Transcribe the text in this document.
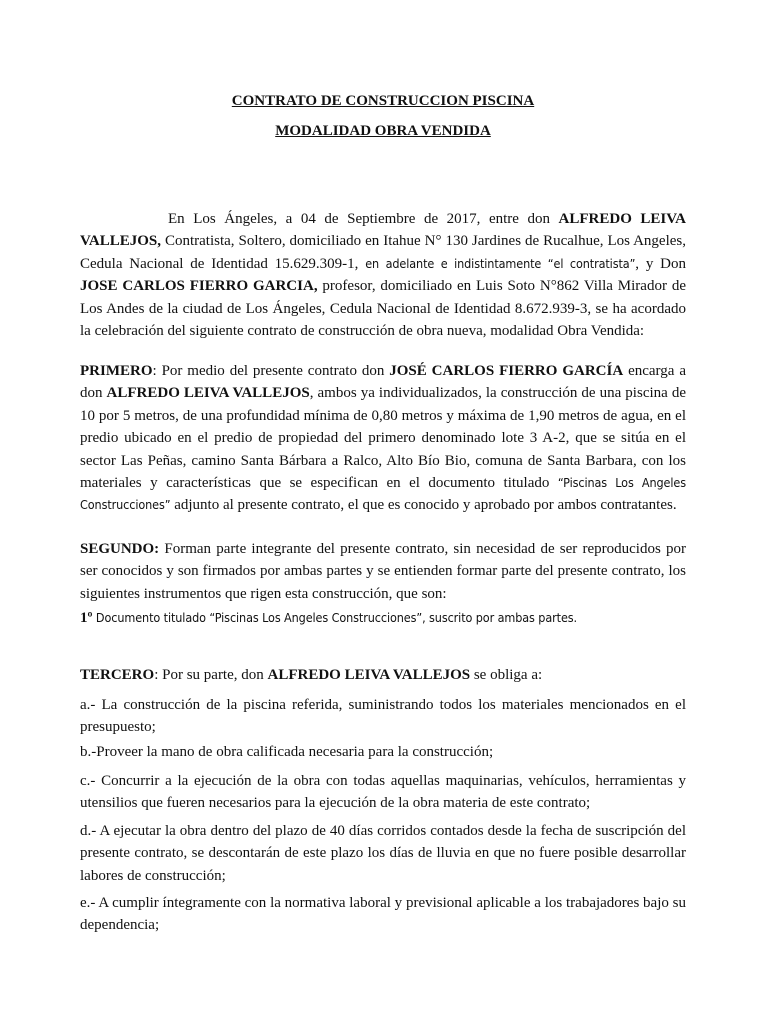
CONTRATO DE CONSTRUCCION PISCINA

MODALIDAD OBRA VENDIDA

En Los Ángeles, a 04 de Septiembre de 2017, entre don ALFREDO LEIVA VALLEJOS, Contratista, Soltero, domiciliado en Itahue N° 130 Jardines de Rucalhue, Los Angeles, Cedula Nacional de Identidad 15.629.309-1, en adelante e indistintamente “el contratista”, y Don JOSE CARLOS FIERRO GARCIA, profesor, domiciliado en Luis Soto N°862 Villa Mirador de Los Andes de la ciudad de Los Ángeles, Cedula Nacional de Identidad 8.672.939-3, se ha acordado la celebración del siguiente contrato de construcción de obra nueva, modalidad Obra Vendida:

PRIMERO: Por medio del presente contrato don JOSÉ CARLOS FIERRO GARCÍA encarga a don ALFREDO LEIVA VALLEJOS, ambos ya individualizados, la construcción de una piscina de 10 por 5 metros, de una profundidad mínima de 0,80 metros y máxima de 1,90 metros de agua, en el predio ubicado en el predio de propiedad del primero denominado lote 3 A-2, que se sitúa en el sector Las Peñas, camino Santa Bárbara a Ralco, Alto Bío Bio, comuna de Santa Barbara, con los materiales y características que se especifican en el documento titulado “Piscinas Los Angeles Construcciones” adjunto al presente contrato, el que es conocido y aprobado por ambos contratantes.

SEGUNDO: Forman parte integrante del presente contrato, sin necesidad de ser reproducidos por ser conocidos y son firmados por ambas partes y se entienden formar parte del presente contrato, los siguientes instrumentos que rigen esta construcción, que son:

1º Documento titulado “Piscinas Los Angeles Construcciones”, suscrito por ambas partes.

TERCERO: Por su parte, don ALFREDO LEIVA VALLEJOS se obliga a:

a.- La construcción de la piscina referida, suministrando todos los materiales mencionados en el presupuesto;

b.-Proveer la mano de obra calificada necesaria para la construcción;

c.- Concurrir a la ejecución de la obra con todas aquellas maquinarias, vehículos, herramientas y utensilios que fueren necesarios para la ejecución de la obra materia de este contrato;

d.- A ejecutar la obra dentro del plazo de 40 días corridos contados desde la fecha de suscripción del presente contrato, se descontarán de este plazo los días de lluvia en que no fuere posible desarrollar labores de construcción;

e.- A cumplir íntegramente con la normativa laboral y previsional aplicable a los trabajadores bajo su dependencia;
